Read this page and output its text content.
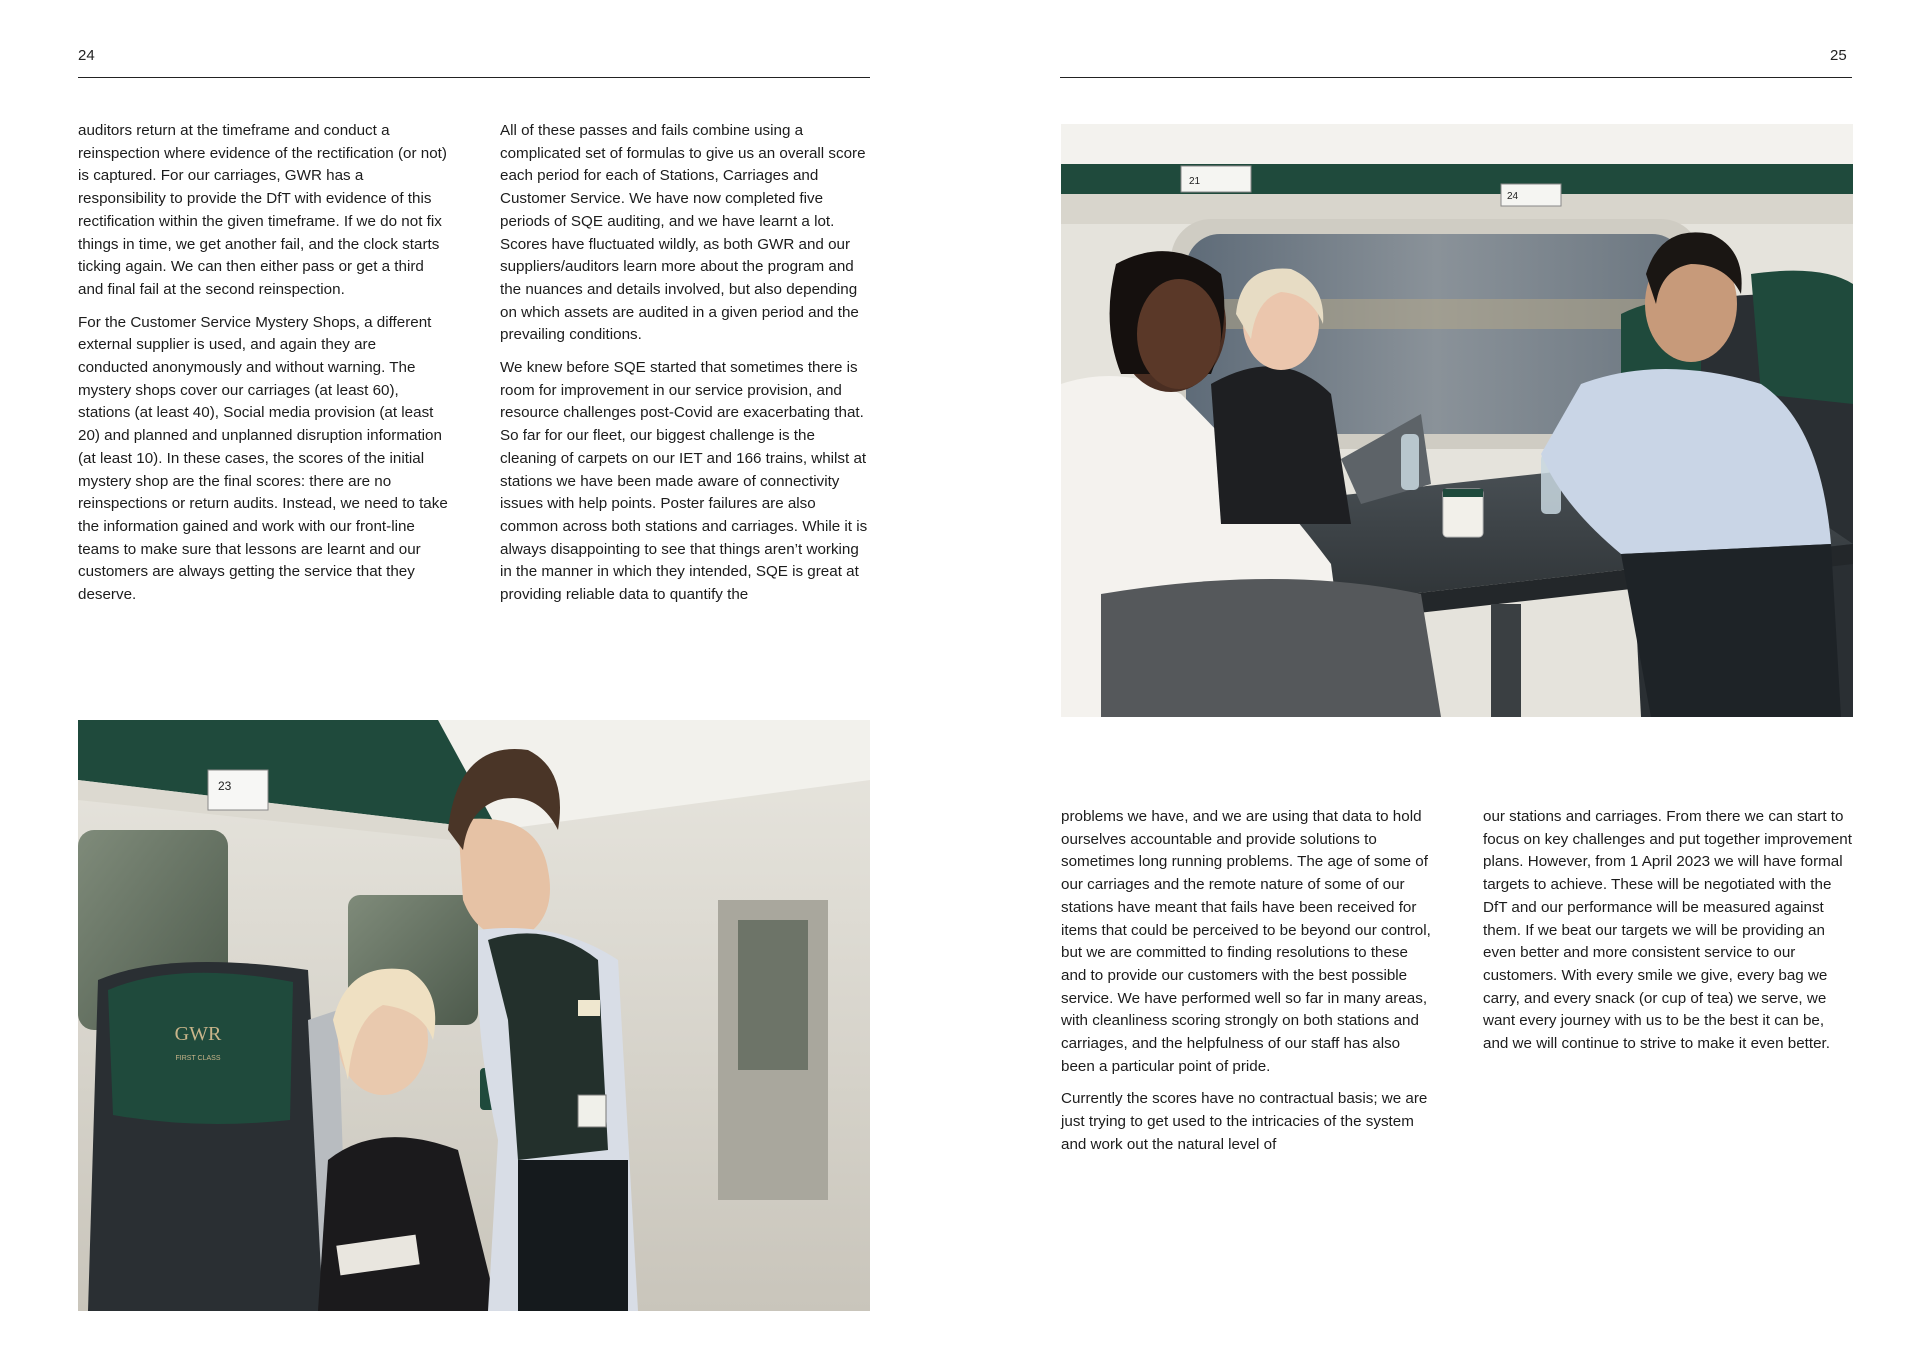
24

auditors return at the timeframe and conduct a reinspection where evidence of the rectification (or not) is captured. For our carriages, GWR has a responsibility to provide the DfT with evidence of this rectification within the given timeframe. If we do not fix things in time, we get another fail, and the clock starts ticking again. We can then either pass or get a third and final fail at the second reinspection.

For the Customer Service Mystery Shops, a different external supplier is used, and again they are conducted anonymously and without warning. The mystery shops cover our carriages (at least 60), stations (at least 40), Social media provision (at least 20) and planned and unplanned disruption information (at least 10). In these cases, the scores of the initial mystery shop are the final scores: there are no reinspections or return audits. Instead, we need to take the information gained and work with our front-line teams to make sure that lessons are learnt and our customers are always getting the service that they deserve.

All of these passes and fails combine using a complicated set of formulas to give us an overall score each period for each of Stations, Carriages and Customer Service. We have now completed five periods of SQE auditing, and we have learnt a lot. Scores have fluctuated wildly, as both GWR and our suppliers/auditors learn more about the program and the nuances and details involved, but also depending on which assets are audited in a given period and the prevailing conditions.

We knew before SQE started that sometimes there is room for improvement in our service provision, and resource challenges post-Covid are exacerbating that. So far for our fleet, our biggest challenge is the cleaning of carpets on our IET and 166 trains, whilst at stations we have been made aware of connectivity issues with help points. Poster failures are also common across both stations and carriages. While it is always disappointing to see that things aren’t working in the manner in which they intended, SQE is great at providing reliable data to quantify the

GWR
FIRST CLASS
23
25
21
24

problems we have, and we are using that data to hold ourselves accountable and provide solutions to sometimes long running problems. The age of some of our carriages and the remote nature of some of our stations have meant that fails have been received for items that could be perceived to be beyond our control, but we are committed to finding resolutions to these and to provide our customers with the best possible service. We have performed well so far in many areas, with cleanliness scoring strongly on both stations and carriages, and the helpfulness of our staff has also been a particular point of pride.

Currently the scores have no contractual basis; we are just trying to get used to the intricacies of the system and work out the natural level of

our stations and carriages. From there we can start to focus on key challenges and put together improvement plans. However, from 1 April 2023 we will have formal targets to achieve. These will be negotiated with the DfT and our performance will be measured against them. If we beat our targets we will be providing an even better and more consistent service to our customers. With every smile we give, every bag we carry, and every snack (or cup of tea) we serve, we want every journey with us to be the best it can be, and we will continue to strive to make it even better.
